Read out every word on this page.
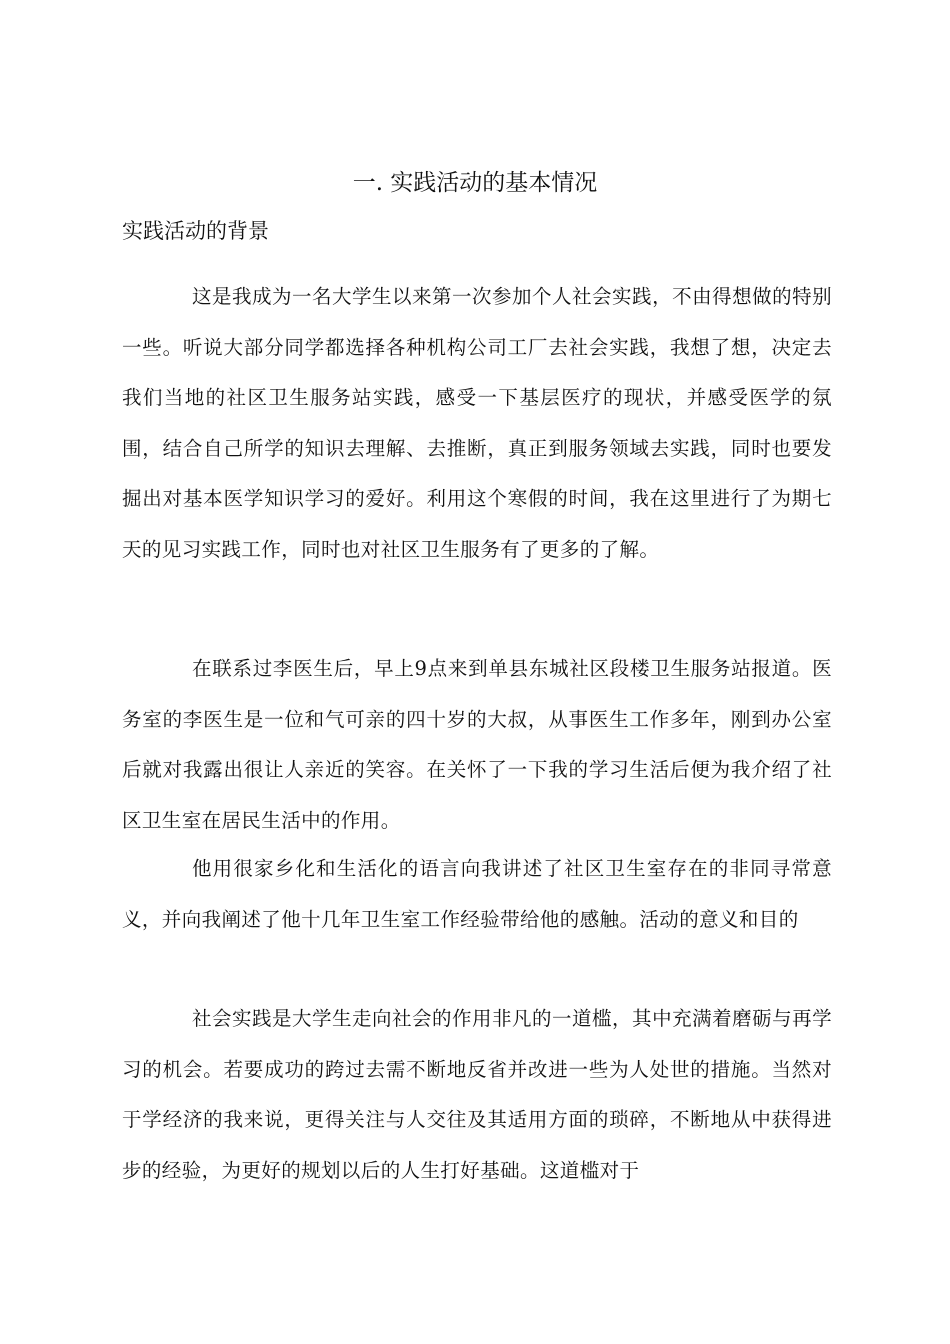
一. 实践活动的基本情况
实践活动的背景

这是我成为一名大学生以来第一次参加个人社会实践，不由得想做的特别一些。听说大部分同学都选择各种机构公司工厂去社会实践，我想了想，决定去我们当地的社区卫生服务站实践，感受一下基层医疗的现状，并感受医学的氛围，结合自己所学的知识去理解、去推断，真正到服务领域去实践，同时也要发掘出对基本医学知识学习的爱好。利用这个寒假的时间，我在这里进行了为期七天的见习实践工作，同时也对社区卫生服务有了更多的了解。

在联系过李医生后，早上9点来到单县东城社区段楼卫生服务站报道。医务室的李医生是一位和气可亲的四十岁的大叔，从事医生工作多年，刚到办公室后就对我露出很让人亲近的笑容。在关怀了一下我的学习生活后便为我介绍了社区卫生室在居民生活中的作用。

他用很家乡化和生活化的语言向我讲述了社区卫生室存在的非同寻常意义，并向我阐述了他十几年卫生室工作经验带给他的感触。活动的意义和目的

社会实践是大学生走向社会的作用非凡的一道槛，其中充满着磨砺与再学习的机会。若要成功的跨过去需不断地反省并改进一些为人处世的措施。当然对于学经济的我来说，更得关注与人交往及其适用方面的琐碎，不断地从中获得进步的经验，为更好的规划以后的人生打好基础。这道槛对于
